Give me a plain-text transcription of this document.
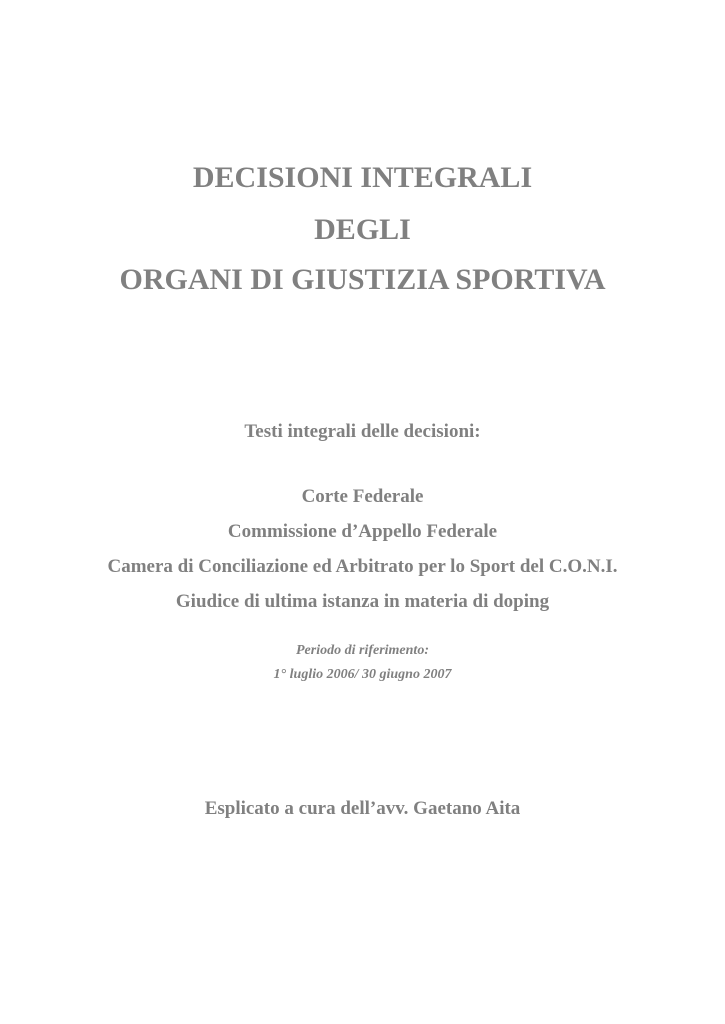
DECISIONI INTEGRALI
DEGLI
ORGANI DI GIUSTIZIA SPORTIVA

Testi integrali delle decisioni:

Corte Federale

Commissione d’Appello Federale

Camera di Conciliazione ed Arbitrato per lo Sport del C.O.N.I.

Giudice di ultima istanza in materia di doping

Periodo di riferimento:

1° luglio 2006/ 30 giugno 2007

Esplicato a cura dell’avv. Gaetano Aita
